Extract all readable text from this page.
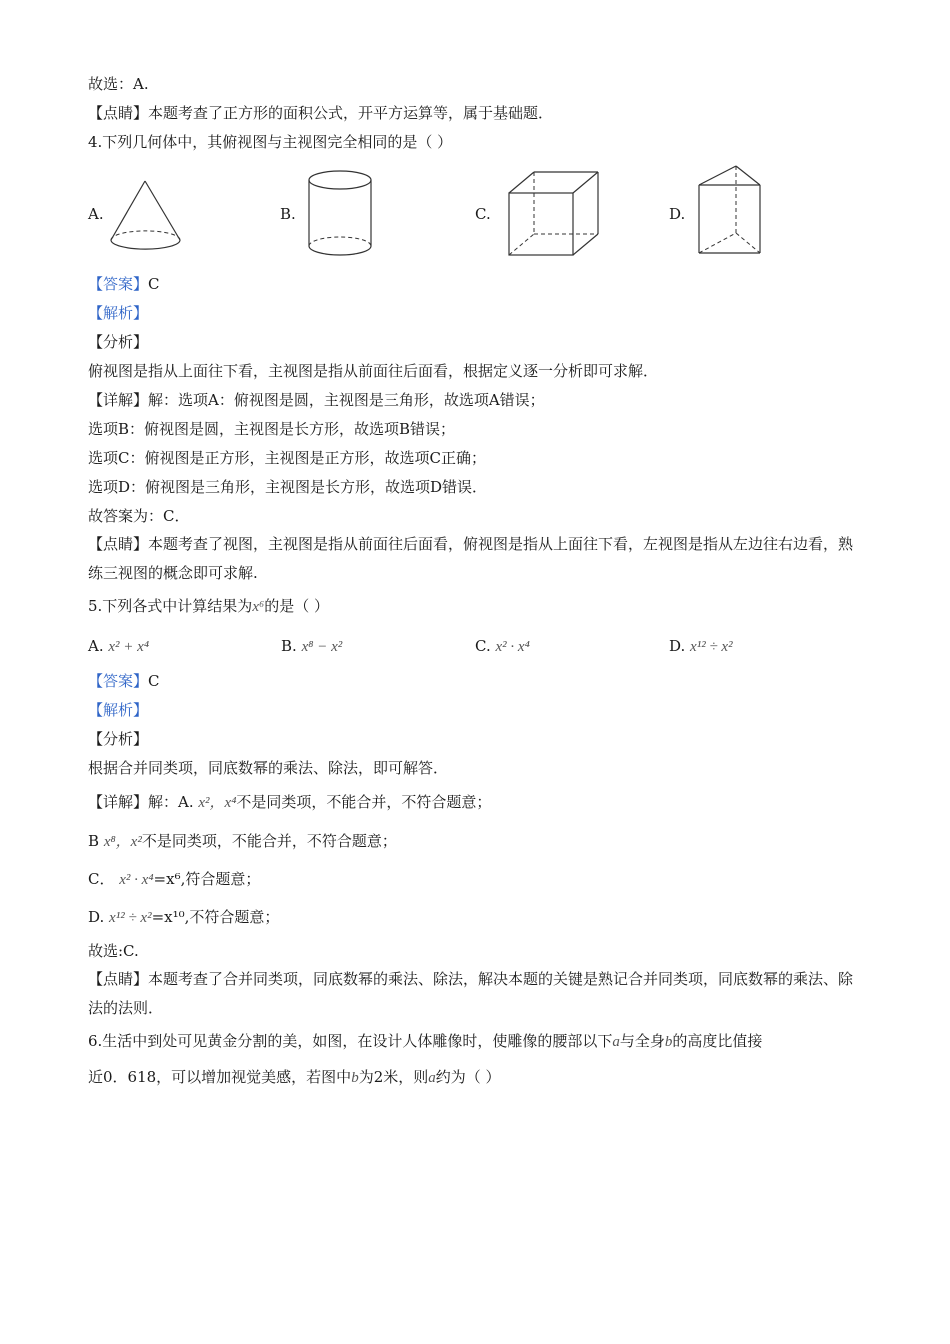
故选：A.
【点睛】本题考查了正方形的面积公式，开平方运算等，属于基础题．
4.下列几何体中，其俯视图与主视图完全相同的是（ ）
A.	B.	C.	D.
【答案】C
【解析】
【分析】
俯视图是指从上面往下看，主视图是指从前面往后面看，根据定义逐一分析即可求解．
【详解】解：选项A：俯视图是圆，主视图是三角形，故选项A错误；
选项B：俯视图是圆，主视图是长方形，故选项B错误；
选项C：俯视图是正方形，主视图是正方形，故选项C正确；
选项D：俯视图是三角形，主视图是长方形，故选项D错误．
故答案为：C．
【点睛】本题考查了视图，主视图是指从前面往后面看，俯视图是指从上面往下看，左视图是指从左边往右边看，熟练三视图的概念即可求解.
5.下列各式中计算结果为x⁶的是（ ）
A. x² + x⁴	B. x⁸ − x²	C. x² · x⁴	D. x¹² ÷ x²
【答案】C
【解析】
【分析】
根据合并同类项，同底数幂的乘法、除法，即可解答．
【详解】解：A. x²，x⁴不是同类项，不能合并，不符合题意；
B x⁸，x²不是同类项，不能合并，不符合题意；
C． x² · x⁴=x⁶,符合题意；
D. x¹² ÷ x²=x¹⁰,不符合题意；
故选:C.
【点睛】本题考查了合并同类项，同底数幂的乘法、除法，解决本题的关键是熟记合并同类项，同底数幂的乘法、除法的法则．
6.生活中到处可见黄金分割的美，如图，在设计人体雕像时，使雕像的腰部以下a与全身b的高度比值接
近0．618，可以增加视觉美感，若图中b为2米，则a约为（ ）
